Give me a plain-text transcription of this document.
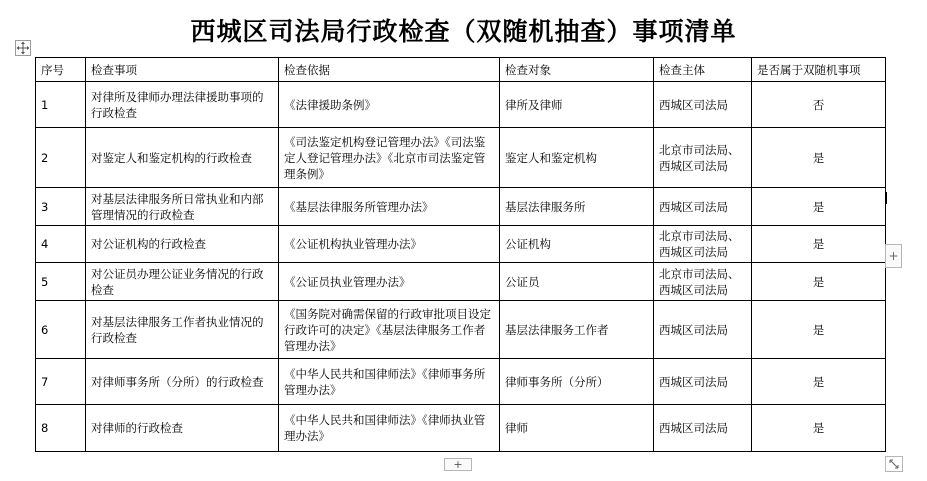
西城区司法局行政检查（双随机抽查）事项清单
序号	检查事项	检查依据	检查对象	检查主体	是否属于双随机事项
1	对律所及律师办理法律援助事项的行政检查	《法律援助条例》	律所及律师	西城区司法局	否
2	对鉴定人和鉴定机构的行政检查	《司法鉴定机构登记管理办法》《司法鉴定人登记管理办法》《北京市司法鉴定管理条例》	鉴定人和鉴定机构	北京市司法局、西城区司法局	是
3	对基层法律服务所日常执业和内部管理情况的行政检查	《基层法律服务所管理办法》	基层法律服务所	西城区司法局	是
4	对公证机构的行政检查	《公证机构执业管理办法》	公证机构	北京市司法局、西城区司法局	是
5	对公证员办理公证业务情况的行政检查	《公证员执业管理办法》	公证员	北京市司法局、西城区司法局	是
6	对基层法律服务工作者执业情况的行政检查	《国务院对确需保留的行政审批项目设定行政许可的决定》《基层法律服务工作者管理办法》	基层法律服务工作者	西城区司法局	是
7	对律师事务所（分所）的行政检查	《中华人民共和国律师法》《律师事务所管理办法》	律师事务所（分所）	西城区司法局	是
8	对律师的行政检查	《中华人民共和国律师法》《律师执业管理办法》	律师	西城区司法局	是
+
+
